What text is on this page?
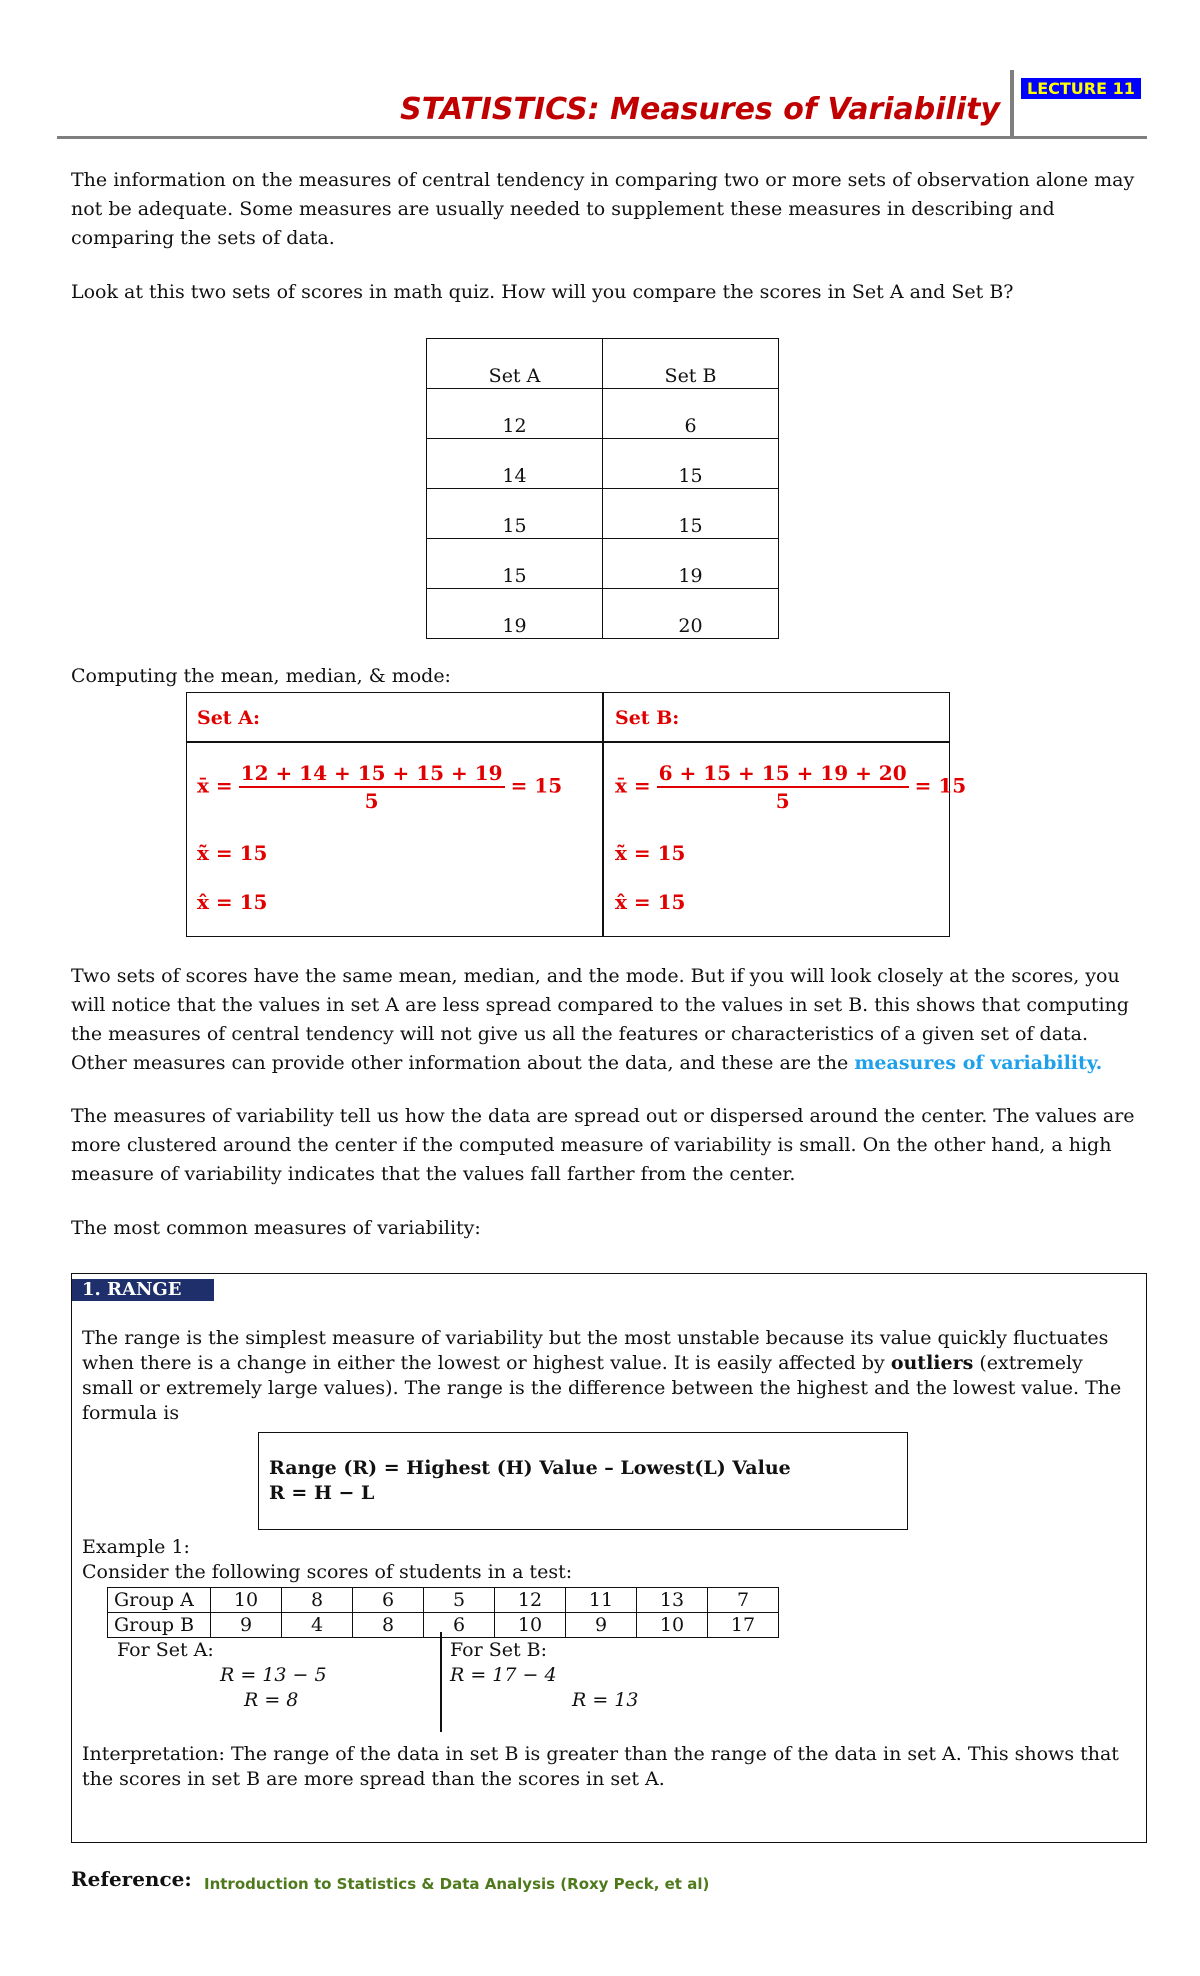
STATISTICS: Measures of Variability
LECTURE 11

The information on the measures of central tendency in comparing two or more sets of observation alone may not be adequate. Some measures are usually needed to supplement these measures in describing and comparing the sets of data.

Look at this two sets of scores in math quiz. How will you compare the scores in Set A and Set B?

Set A	Set B
12	6
14	15
15	15
15	19
19	20
Computing the mean, median, & mode:
Set A:
x̄ = $\frac{12 + 14 + 15 + 15 + 19}{5} = 15$
x̃ = 15
x̂ = 15
Set B:
x̄ = $\frac{6 + 15 + 15 + 19 + 20}{5} = 15$
x̃ = 15
x̂ = 15

Two sets of scores have the same mean, median, and the mode. But if you will look closely at the scores, you will notice that the values in set A are less spread compared to the values in set B. this shows that computing the measures of central tendency will not give us all the features or characteristics of a given set of data. Other measures can provide other information about the data, and these are the measures of variability.

The measures of variability tell us how the data are spread out or dispersed around the center. The values are more clustered around the center if the computed measure of variability is small. On the other hand, a high measure of variability indicates that the values fall farther from the center.

The most common measures of variability:

1. RANGE
The range is the simplest measure of variability but the most unstable because its value quickly fluctuates when there is a change in either the lowest or highest value. It is easily affected by outliers (extremely small or extremely large values). The range is the difference between the highest and the lowest value. The formula is
Range (R) = Highest (H) Value – Lowest(L) Value
R = H − L
Example 1:
Consider the following scores of students in a test:
Group A	10	8	6	5	12	11	13	7
Group B	9	4	8	6	10	9	10	17
For Set A:
R = 13 − 5
R = 8
For Set B:
R = 17 − 4
R = 13
Interpretation: The range of the data in set B is greater than the range of the data in set A. This shows that the scores in set B are more spread than the scores in set A.
Reference: Introduction to Statistics & Data Analysis (Roxy Peck, et al)
